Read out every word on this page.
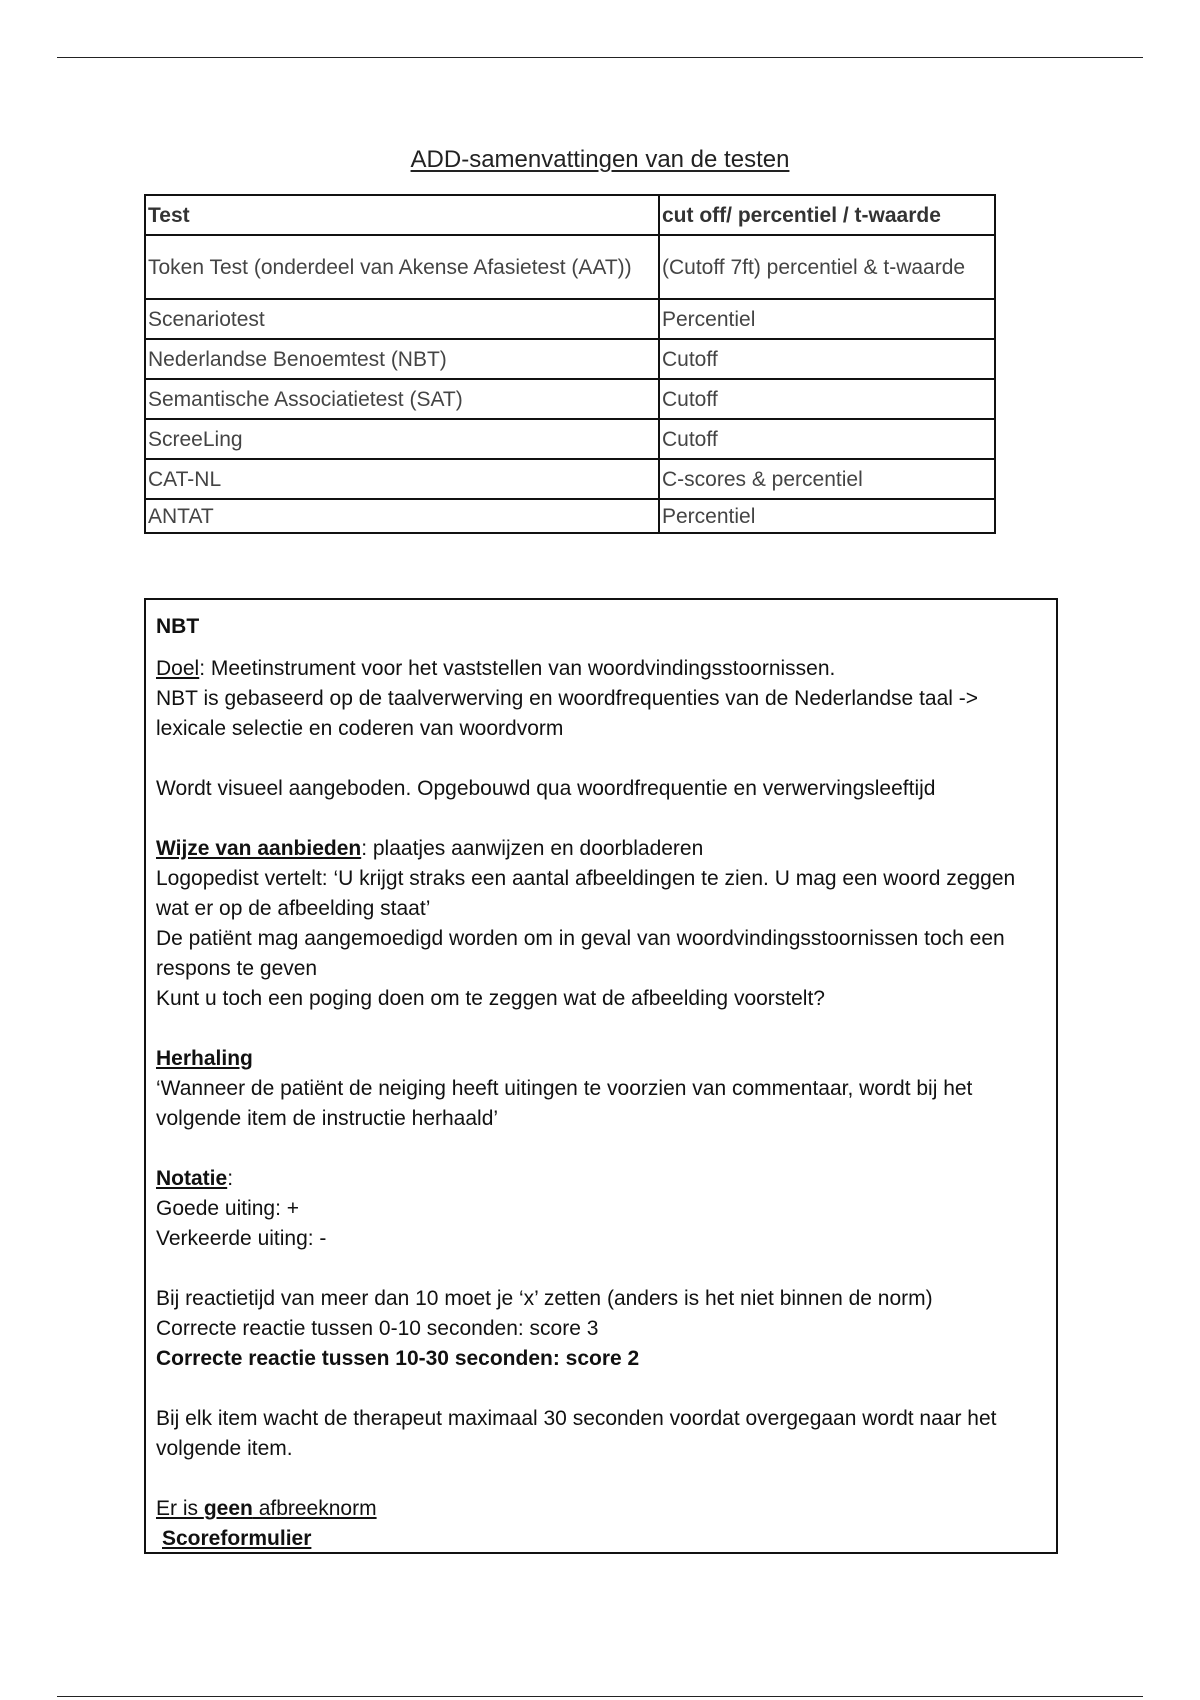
ADD-samenvattingen van de testen
Test	cut off/ percentiel / t-waarde
Token Test (onderdeel van Akense Afasietest (AAT))	(Cutoff 7ft) percentiel & t-waarde
Scenariotest	Percentiel
Nederlandse Benoemtest (NBT)	Cutoff
Semantische Associatietest (SAT)	Cutoff
ScreeLing	Cutoff
CAT-NL	C-scores & percentiel
ANTAT	Percentiel

NBT

Doel: Meetinstrument voor het vaststellen van woordvindingsstoornissen.

NBT is gebaseerd op de taalverwerving en woordfrequenties van de Nederlandse taal -> lexicale selectie en coderen van woordvorm

Wordt visueel aangeboden. Opgebouwd qua woordfrequentie en verwervingsleeftijd

Wijze van aanbieden: plaatjes aanwijzen en doorbladeren

Logopedist vertelt: ‘U krijgt straks een aantal afbeeldingen te zien. U mag een woord zeggen wat er op de afbeelding staat’

De patiënt mag aangemoedigd worden om in geval van woordvindingsstoornissen toch een respons te geven

Kunt u toch een poging doen om te zeggen wat de afbeelding voorstelt?

Herhaling

‘Wanneer de patiënt de neiging heeft uitingen te voorzien van commentaar, wordt bij het volgende item de instructie herhaald’

Notatie:

Goede uiting: +

Verkeerde uiting: -

Bij reactietijd van meer dan 10 moet je ‘x’ zetten (anders is het niet binnen de norm)

Correcte reactie tussen 0-10 seconden: score 3

Correcte reactie tussen 10-30 seconden: score 2

Bij elk item wacht de therapeut maximaal 30 seconden voordat overgegaan wordt naar het volgende item.

Er is geen afbreeknorm

Scoreformulier
